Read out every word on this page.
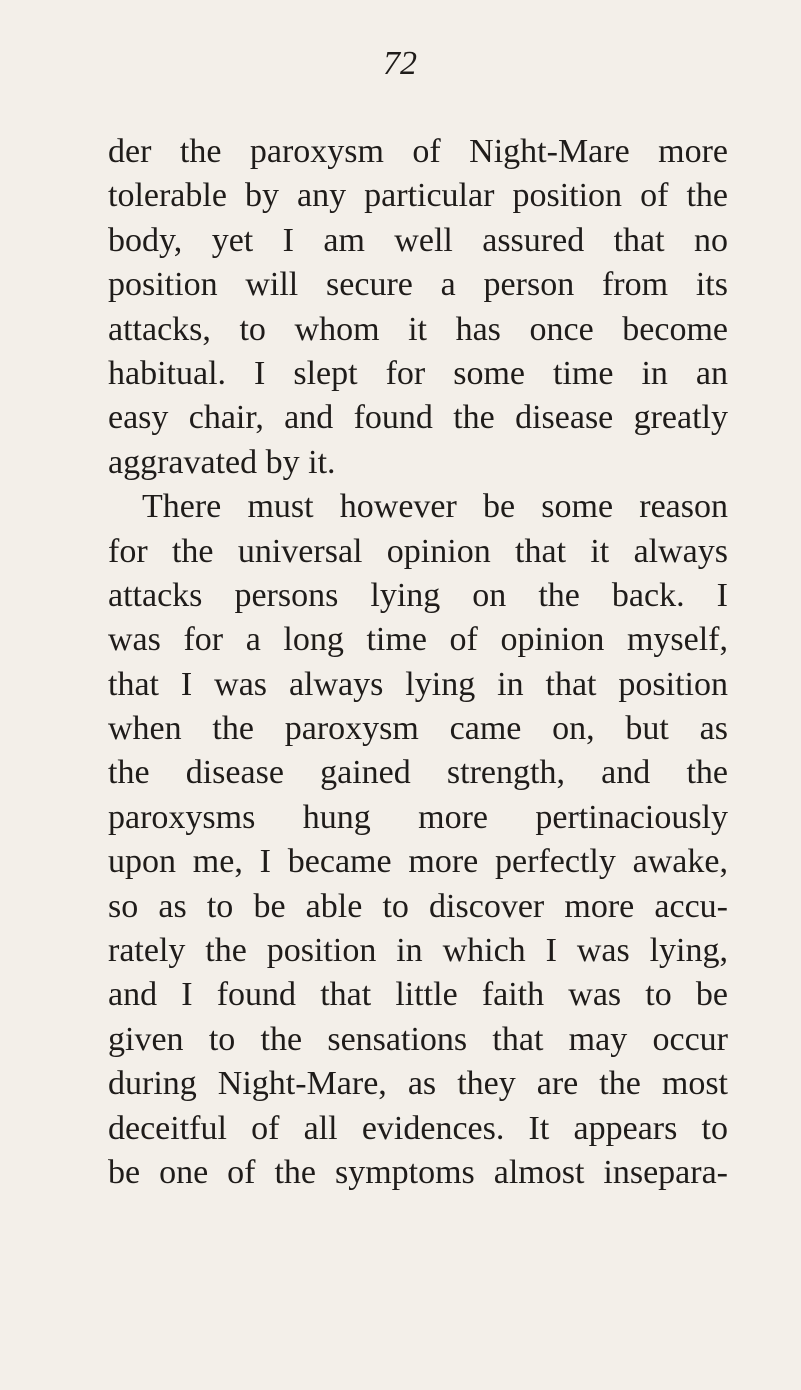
72
der the paroxysm of Night-Mare more
tolerable by any particular position of the
body, yet I am well assured that no
position will secure a person from its
attacks, to whom it has once become
habitual. I slept for some time in an
easy chair, and found the disease greatly
aggravated by it.
There must however be some reason
for the universal opinion that it always
attacks persons lying on the back. I
was for a long time of opinion myself,
that I was always lying in that position
when the paroxysm came on, but as
the disease gained strength, and the
paroxysms hung more pertinaciously
upon me, I became more perfectly awake,
so as to be able to discover more accu-
rately the position in which I was lying,
and I found that little faith was to be
given to the sensations that may occur
during Night-Mare, as they are the most
deceitful of all evidences. It appears to
be one of the symptoms almost insepara-
